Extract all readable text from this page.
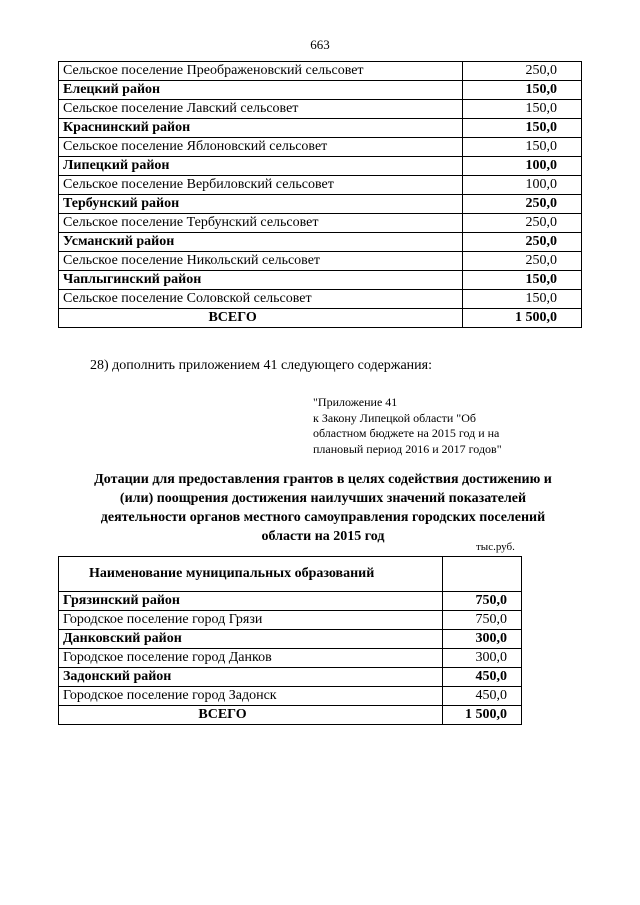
663
Сельское поселение Преображеновский сельсовет	250,0
Елецкий район	150,0
Сельское поселение Лавский сельсовет	150,0
Краснинский район	150,0
Сельское поселение Яблоновский сельсовет	150,0
Липецкий район	100,0
Сельское поселение Вербиловский сельсовет	100,0
Тербунский район	250,0
Сельское поселение Тербунский сельсовет	250,0
Усманский район	250,0
Сельское поселение Никольский сельсовет	250,0
Чаплыгинский район	150,0
Сельское поселение Соловской сельсовет	150,0
ВСЕГО	1 500,0
28) дополнить приложением 41 следующего содержания:
"Приложение 41
к Закону Липецкой области "Об
областном бюджете на 2015 год и на
плановый период 2016 и 2017 годов"
Дотации для предоставления грантов в целях содействия достижению и
(или) поощрения достижения наилучших значений показателей
деятельности органов местного самоуправления городских поселений
области на 2015 год
тыс.руб.
Наименование муниципальных образований	
Грязинский район	750,0
Городское поселение город Грязи	750,0
Данковский район	300,0
Городское поселение город Данков	300,0
Задонский район	450,0
Городское поселение город Задонск	450,0
ВСЕГО	1 500,0
